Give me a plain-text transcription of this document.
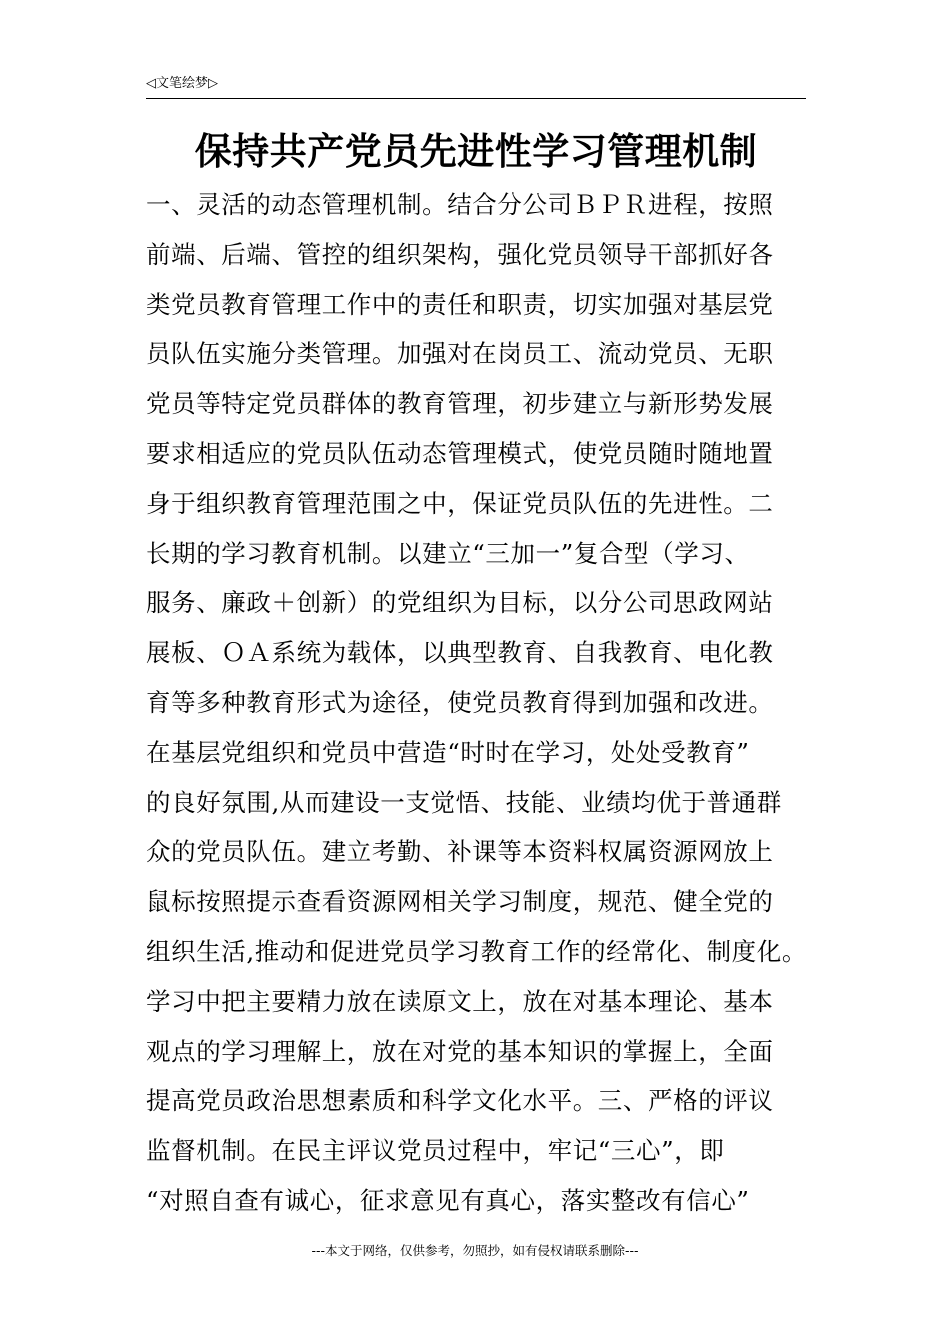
◁文笔绘梦▷
保持共产党员先进性学习管理机制
一、灵活的动态管理机制。结合分公司ＢＰＲ进程，按照
前端、后端、管控的组织架构，强化党员领导干部抓好各
类党员教育管理工作中的责任和职责，切实加强对基层党
员队伍实施分类管理。加强对在岗员工、流动党员、无职
党员等特定党员群体的教育管理，初步建立与新形势发展
要求相适应的党员队伍动态管理模式，使党员随时随地置
身于组织教育管理范围之中，保证党员队伍的先进性。二
长期的学习教育机制。以建立“三加一”复合型（学习、
服务、廉政＋创新）的党组织为目标，以分公司思政网站
展板、ＯＡ系统为载体，以典型教育、自我教育、电化教
育等多种教育形式为途径，使党员教育得到加强和改进。
在基层党组织和党员中营造“时时在学习，处处受教育”
的良好氛围,从而建设一支觉悟、技能、业绩均优于普通群
众的党员队伍。建立考勤、补课等本资料权属资源网放上
鼠标按照提示查看资源网相关学习制度，规范、健全党的
组织生活,推动和促进党员学习教育工作的经常化、制度化。
学习中把主要精力放在读原文上，放在对基本理论、基本
观点的学习理解上，放在对党的基本知识的掌握上，全面
提高党员政治思想素质和科学文化水平。三、严格的评议
监督机制。在民主评议党员过程中，牢记“三心”，即
“对照自查有诚心，征求意见有真心，落实整改有信心”
---本文于网络，仅供参考，勿照抄，如有侵权请联系删除---
